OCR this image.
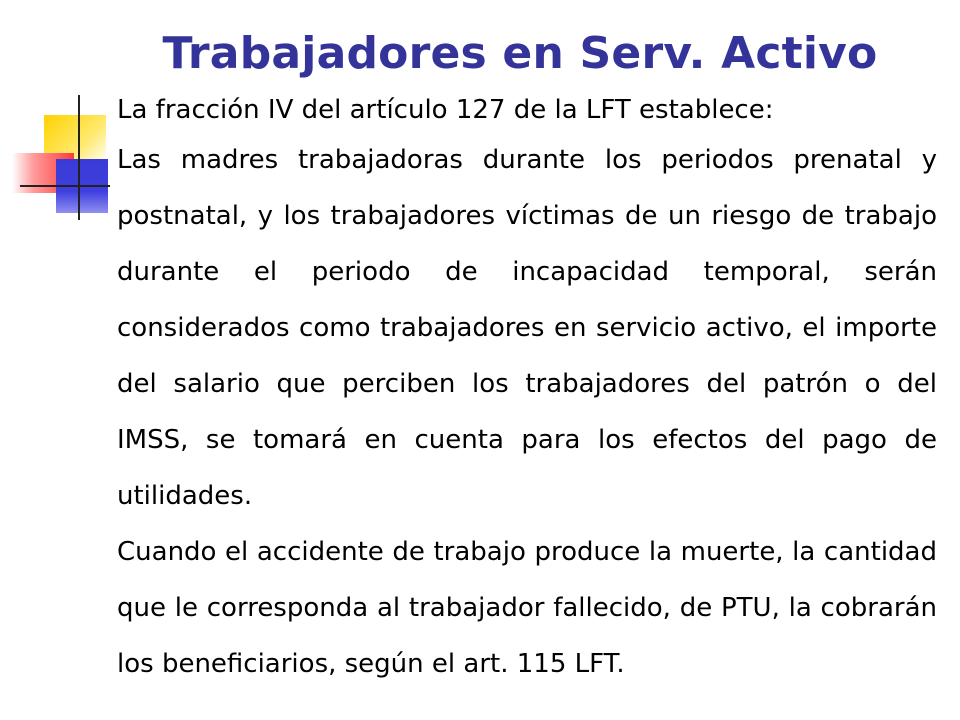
Trabajadores en Serv. Activo

La fracción IV del artículo 127 de la LFT establece:

Las madres trabajadoras durante los periodos prenatal y postnatal, y los trabajadores víctimas de un riesgo de trabajo durante el periodo de incapacidad temporal, serán considerados como trabajadores en servicio activo, el importe del salario que perciben los trabajadores del patrón o del IMSS, se tomará en cuenta para los efectos del pago de utilidades.

Cuando el accidente de trabajo produce la muerte, la cantidad que le corresponda al trabajador fallecido, de PTU, la cobrarán los beneficiarios, según el art. 115 LFT.
